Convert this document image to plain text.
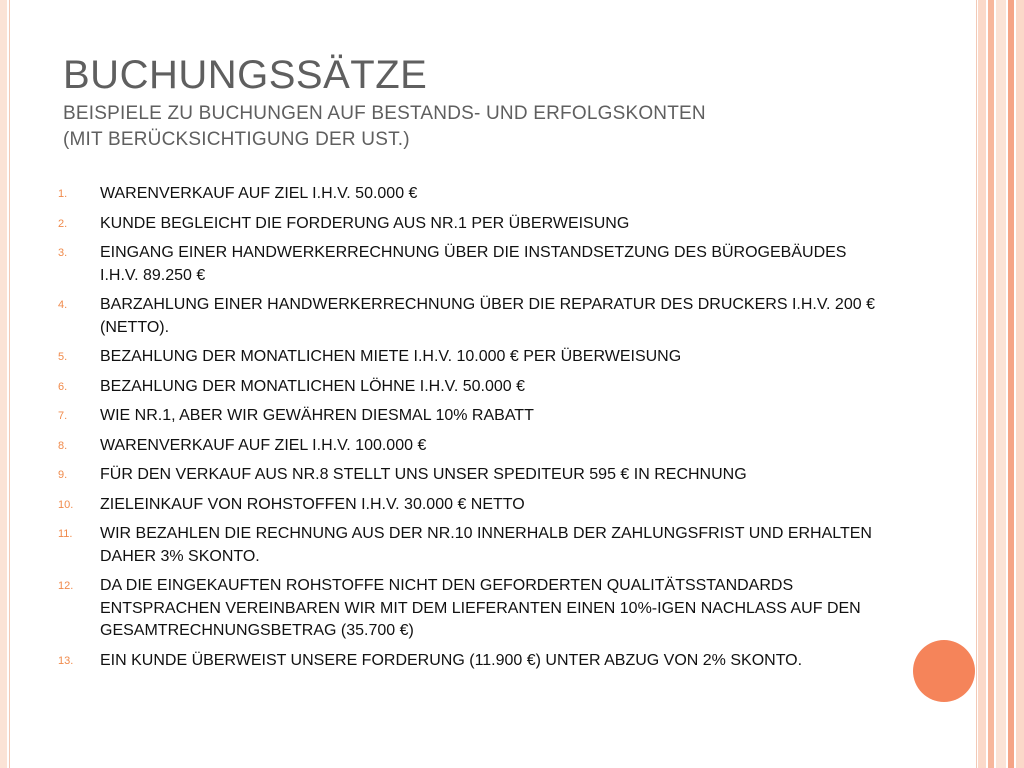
BUCHUNGSSÄTZE
BEISPIELE ZU BUCHUNGEN AUF BESTANDS- UND ERFOLGSKONTEN
(MIT BERÜCKSICHTIGUNG DER UST.)
1.	WARENVERKAUF AUF ZIEL I.H.V. 50.000 €
2.	KUNDE BEGLEICHT DIE FORDERUNG AUS NR.1 PER ÜBERWEISUNG
3.	EINGANG EINER HANDWERKERRECHNUNG ÜBER DIE INSTANDSETZUNG DES BÜROGEBÄUDES I.H.V. 89.250 €
4.	BARZAHLUNG EINER HANDWERKERRECHNUNG ÜBER DIE REPARATUR DES DRUCKERS I.H.V. 200 € (NETTO).
5.	BEZAHLUNG DER MONATLICHEN MIETE I.H.V. 10.000 € PER ÜBERWEISUNG
6.	BEZAHLUNG DER MONATLICHEN LÖHNE I.H.V. 50.000 €
7.	WIE NR.1, ABER WIR GEWÄHREN DIESMAL 10% RABATT
8.	WARENVERKAUF AUF ZIEL I.H.V. 100.000 €
9.	FÜR DEN VERKAUF AUS NR.8 STELLT UNS UNSER SPEDITEUR 595 € IN RECHNUNG
10.	ZIELEINKAUF VON ROHSTOFFEN I.H.V. 30.000 € NETTO
11.	WIR BEZAHLEN DIE RECHNUNG AUS DER NR.10 INNERHALB DER ZAHLUNGSFRIST UND ERHALTEN DAHER 3% SKONTO.
12.	DA DIE EINGEKAUFTEN ROHSTOFFE NICHT DEN GEFORDERTEN QUALITÄTSSTANDARDS ENTSPRACHEN VEREINBAREN WIR MIT DEM LIEFERANTEN EINEN 10%-IGEN NACHLASS AUF DEN GESAMTRECHNUNGSBETRAG (35.700 €)
13.	EIN KUNDE ÜBERWEIST UNSERE FORDERUNG (11.900 €) UNTER ABZUG VON 2% SKONTO.
